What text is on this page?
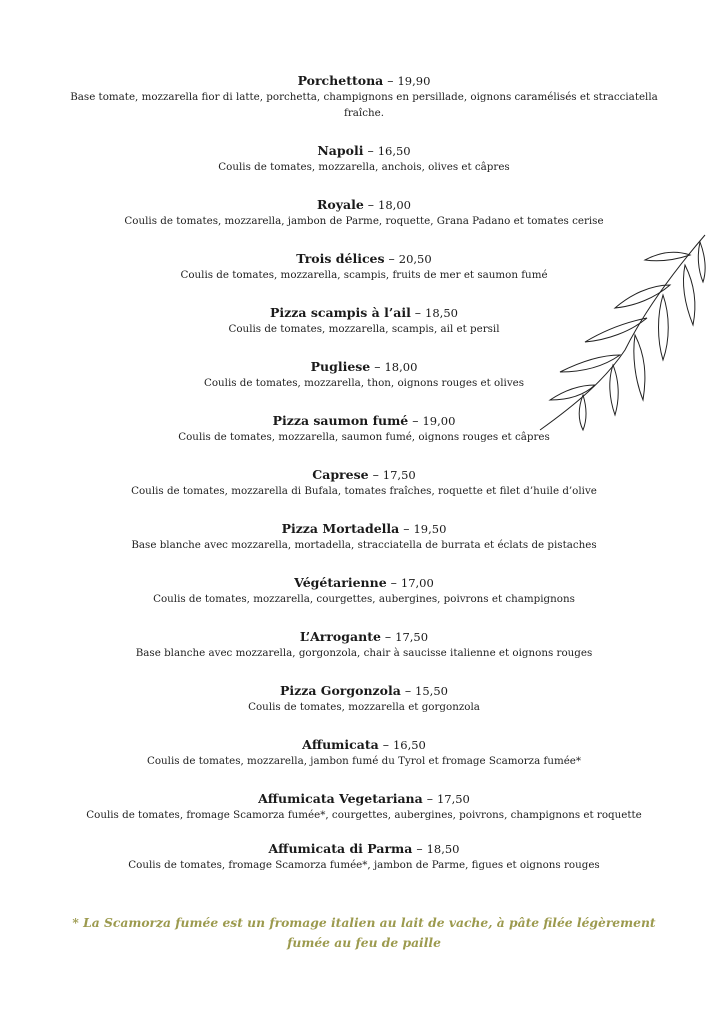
Porchettona – 19,90
Base tomate, mozzarella fior di latte, porchetta, champignons en persillade, oignons caramélisés et stracciatella fraîche.
Napoli – 16,50
Coulis de tomates, mozzarella, anchois, olives et câpres
Royale – 18,00
Coulis de tomates, mozzarella, jambon de Parme, roquette, Grana Padano et tomates cerise
Trois délices – 20,50
Coulis de tomates, mozzarella, scampis, fruits de mer et saumon fumé
Pizza scampis à l’ail – 18,50
Coulis de tomates, mozzarella, scampis, ail et persil
Pugliese – 18,00
Coulis de tomates, mozzarella, thon, oignons rouges et olives
Pizza saumon fumé – 19,00
Coulis de tomates, mozzarella, saumon fumé, oignons rouges et câpres
Caprese – 17,50
Coulis de tomates, mozzarella di Bufala, tomates fraîches, roquette et filet d’huile d’olive
Pizza Mortadella – 19,50
Base blanche avec mozzarella, mortadella, stracciatella de burrata et éclats de pistaches
Végétarienne – 17,00
Coulis de tomates, mozzarella, courgettes, aubergines, poivrons et champignons
L’Arrogante – 17,50
Base blanche avec mozzarella, gorgonzola, chair à saucisse italienne et oignons rouges
Pizza Gorgonzola – 15,50
Coulis de tomates, mozzarella et gorgonzola
Affumicata – 16,50
Coulis de tomates, mozzarella, jambon fumé du Tyrol et fromage Scamorza fumée*
Affumicata Vegetariana – 17,50
Coulis de tomates, fromage Scamorza fumée*, courgettes, aubergines, poivrons, champignons et roquette
Affumicata di Parma – 18,50
Coulis de tomates, fromage Scamorza fumée*, jambon de Parme, figues et oignons rouges
* La Scamorza fumée est un fromage italien au lait de vache, à pâte filée légèrement fumée au feu de paille
